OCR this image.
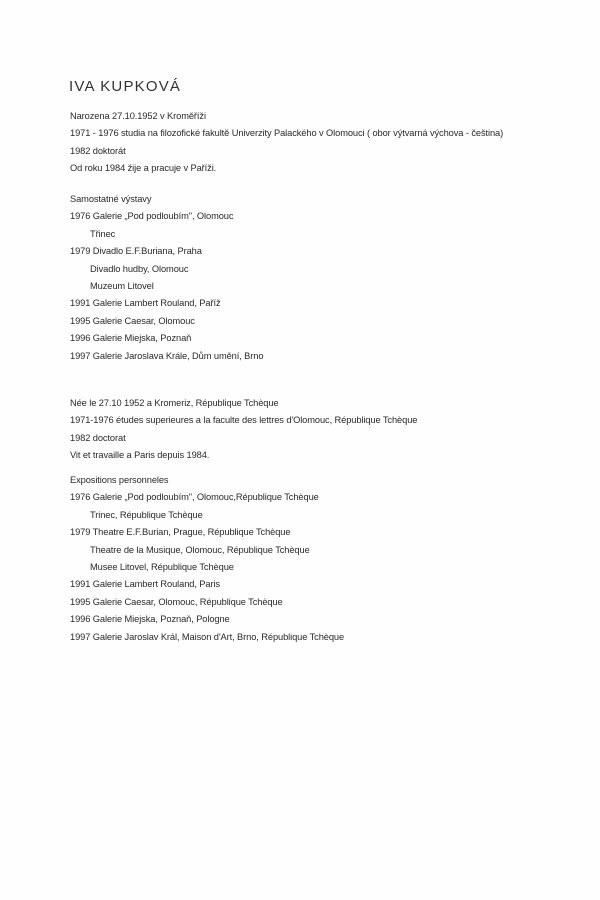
IVA KUPKOVÁ
Narozena 27.10.1952 v Kroměříži
1971 - 1976 studia na filozofické fakultě Univerzity Palackého v Olomouci ( obor výtvarná výchova - čeština)
1982 doktorát
Od roku 1984 žije a pracuje v Paříži.
Samostatné výstavy
1976 Galerie „Pod podloubím", Olomouc
Třinec
1979 Divadlo E.F.Buriana, Praha
Divadlo hudby, Olomouc
Muzeum Litovel
1991 Galerie Lambert Rouland, Paříž
1995 Galerie Caesar, Olomouc
1996 Galerie Miejska, Poznaň
1997 Galerie Jaroslava Krále, Dům umění, Brno
Née le 27.10 1952 a Kromeriz, République Tchèque
1971-1976 études superieures a la faculte des lettres d'Olomouc, République Tchèque
1982 doctorat
Vit et travaille a Paris depuis 1984.
Expositions personneles
1976 Galerie „Pod podloubím", Olomouc,République Tchèque
Trinec, République Tchèque
1979 Theatre E.F.Burian, Prague, République Tchèque
Theatre de la Musique, Olomouc, République Tchèque
Musee Litovel, République Tchèque
1991 Galerie Lambert Rouland, Paris
1995 Galerie Caesar, Olomouc, République Tchèque
1996 Galerie Miejska, Poznaň, Pologne
1997 Galerie Jaroslav Král, Maison d'Art, Brno, République Tchèque
